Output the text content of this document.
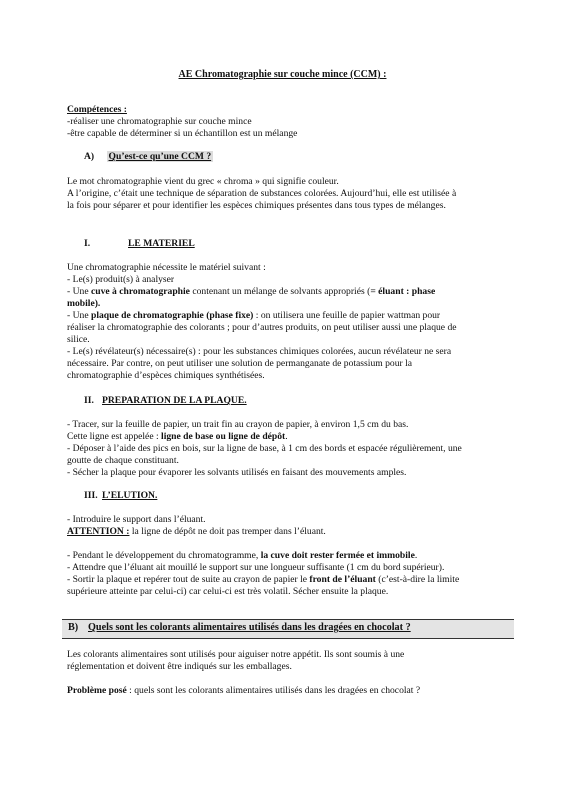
AE Chromatographie sur couche mince (CCM) :

Compétences :

-réaliser une chromatographie sur couche mince

-être capable de déterminer si un échantillon est un mélange

A) Qu’est-ce qu’une CCM ?

Le mot chromatographie vient du grec « chroma » qui signifie couleur.

A l’origine, c’était une technique de séparation de substances colorées. Aujourd’hui, elle est utilisée à

la fois pour séparer et pour identifier les espèces chimiques présentes dans tous types de mélanges.

I.	LE MATERIEL

Une chromatographie nécessite le matériel suivant :

- Le(s) produit(s) à analyser

- Une cuve à chromatographie contenant un mélange de solvants appropriés (= éluant : phase

mobile).

- Une plaque de chromatographie (phase fixe) : on utilisera une feuille de papier wattman pour

réaliser la chromatographie des colorants ; pour d’autres produits, on peut utiliser aussi une plaque de

silice.

- Le(s) révélateur(s) nécessaire(s) : pour les substances chimiques colorées, aucun révélateur ne sera

nécessaire. Par contre, on peut utiliser une solution de permanganate de potassium pour la

chromatographie d’espèces chimiques synthétisées.

II. PREPARATION DE LA PLAQUE.

- Tracer, sur la feuille de papier, un trait fin au crayon de papier, à environ 1,5 cm du bas.

Cette ligne est appelée : ligne de base ou ligne de dépôt.

- Déposer à l’aide des pics en bois, sur la ligne de base, à 1 cm des bords et espacée régulièrement, une

goutte de chaque constituant.

- Sécher la plaque pour évaporer les solvants utilisés en faisant des mouvements amples.

III. L’ELUTION.

- Introduire le support dans l’éluant.

ATTENTION : la ligne de dépôt ne doit pas tremper dans l’éluant.

- Pendant le développement du chromatogramme, la cuve doit rester fermée et immobile.

- Attendre que l’éluant ait mouillé le support sur une longueur suffisante (1 cm du bord supérieur).

- Sortir la plaque et repérer tout de suite au crayon de papier le front de l’éluant (c’est-à-dire la limite

supérieure atteinte par celui-ci) car celui-ci est très volatil. Sécher ensuite la plaque.

B) Quels sont les colorants alimentaires utilisés dans les dragées en chocolat ?

Les colorants alimentaires sont utilisés pour aiguiser notre appétit. Ils sont soumis à une

réglementation et doivent être indiqués sur les emballages.

Problème posé : quels sont les colorants alimentaires utilisés dans les dragées en chocolat ?
